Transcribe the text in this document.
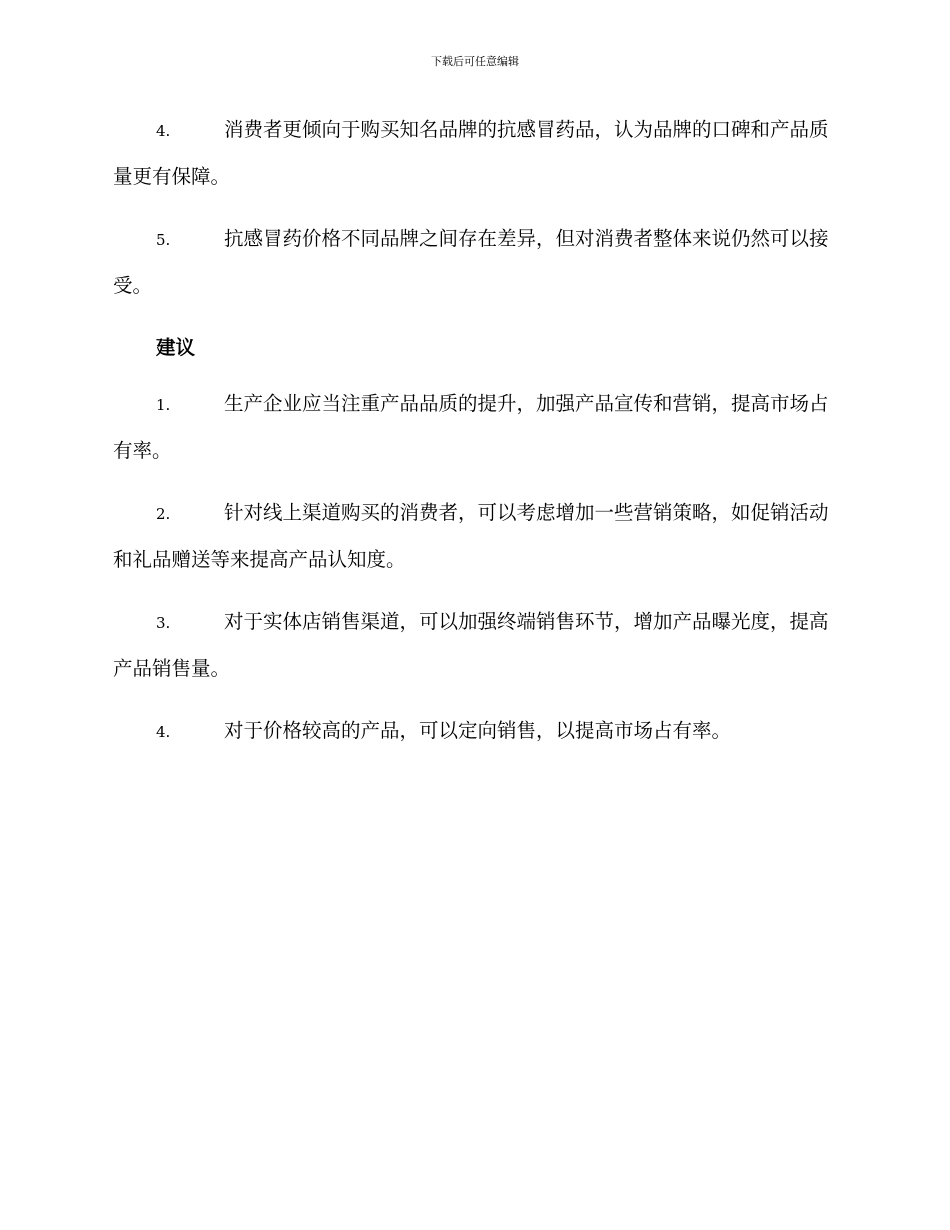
下载后可任意编辑

4.	消费者更倾向于购买知名品牌的抗感冒药品，认为品牌的口碑和产品质量更有保障。

5.	抗感冒药价格不同品牌之间存在差异，但对消费者整体来说仍然可以接受。

建议

1.	生产企业应当注重产品品质的提升，加强产品宣传和营销，提高市场占有率。

2.	针对线上渠道购买的消费者，可以考虑增加一些营销策略，如促销活动和礼品赠送等来提高产品认知度。

3.	对于实体店销售渠道，可以加强终端销售环节，增加产品曝光度，提高产品销售量。

4.	对于价格较高的产品，可以定向销售，以提高市场占有率。
